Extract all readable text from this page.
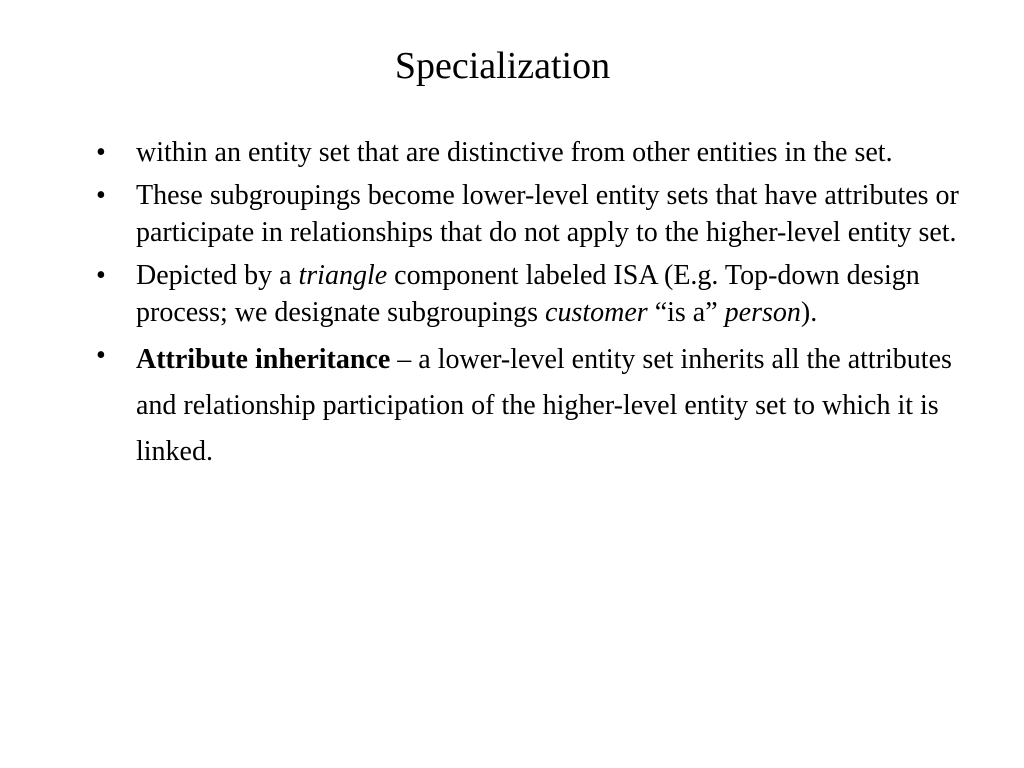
Specialization
•	within an entity set that are distinctive from other entities in the set.
•	These subgroupings become lower-level entity sets that have attributes or participate in relationships that do not apply to the higher-level entity set.
•	Depicted by a triangle component labeled ISA (E.g. Top-down design process; we designate subgroupings customer “is a” person).
•	Attribute inheritance – a lower-level entity set inherits all the attributes and relationship participation of the higher-level entity set to which it is linked.
